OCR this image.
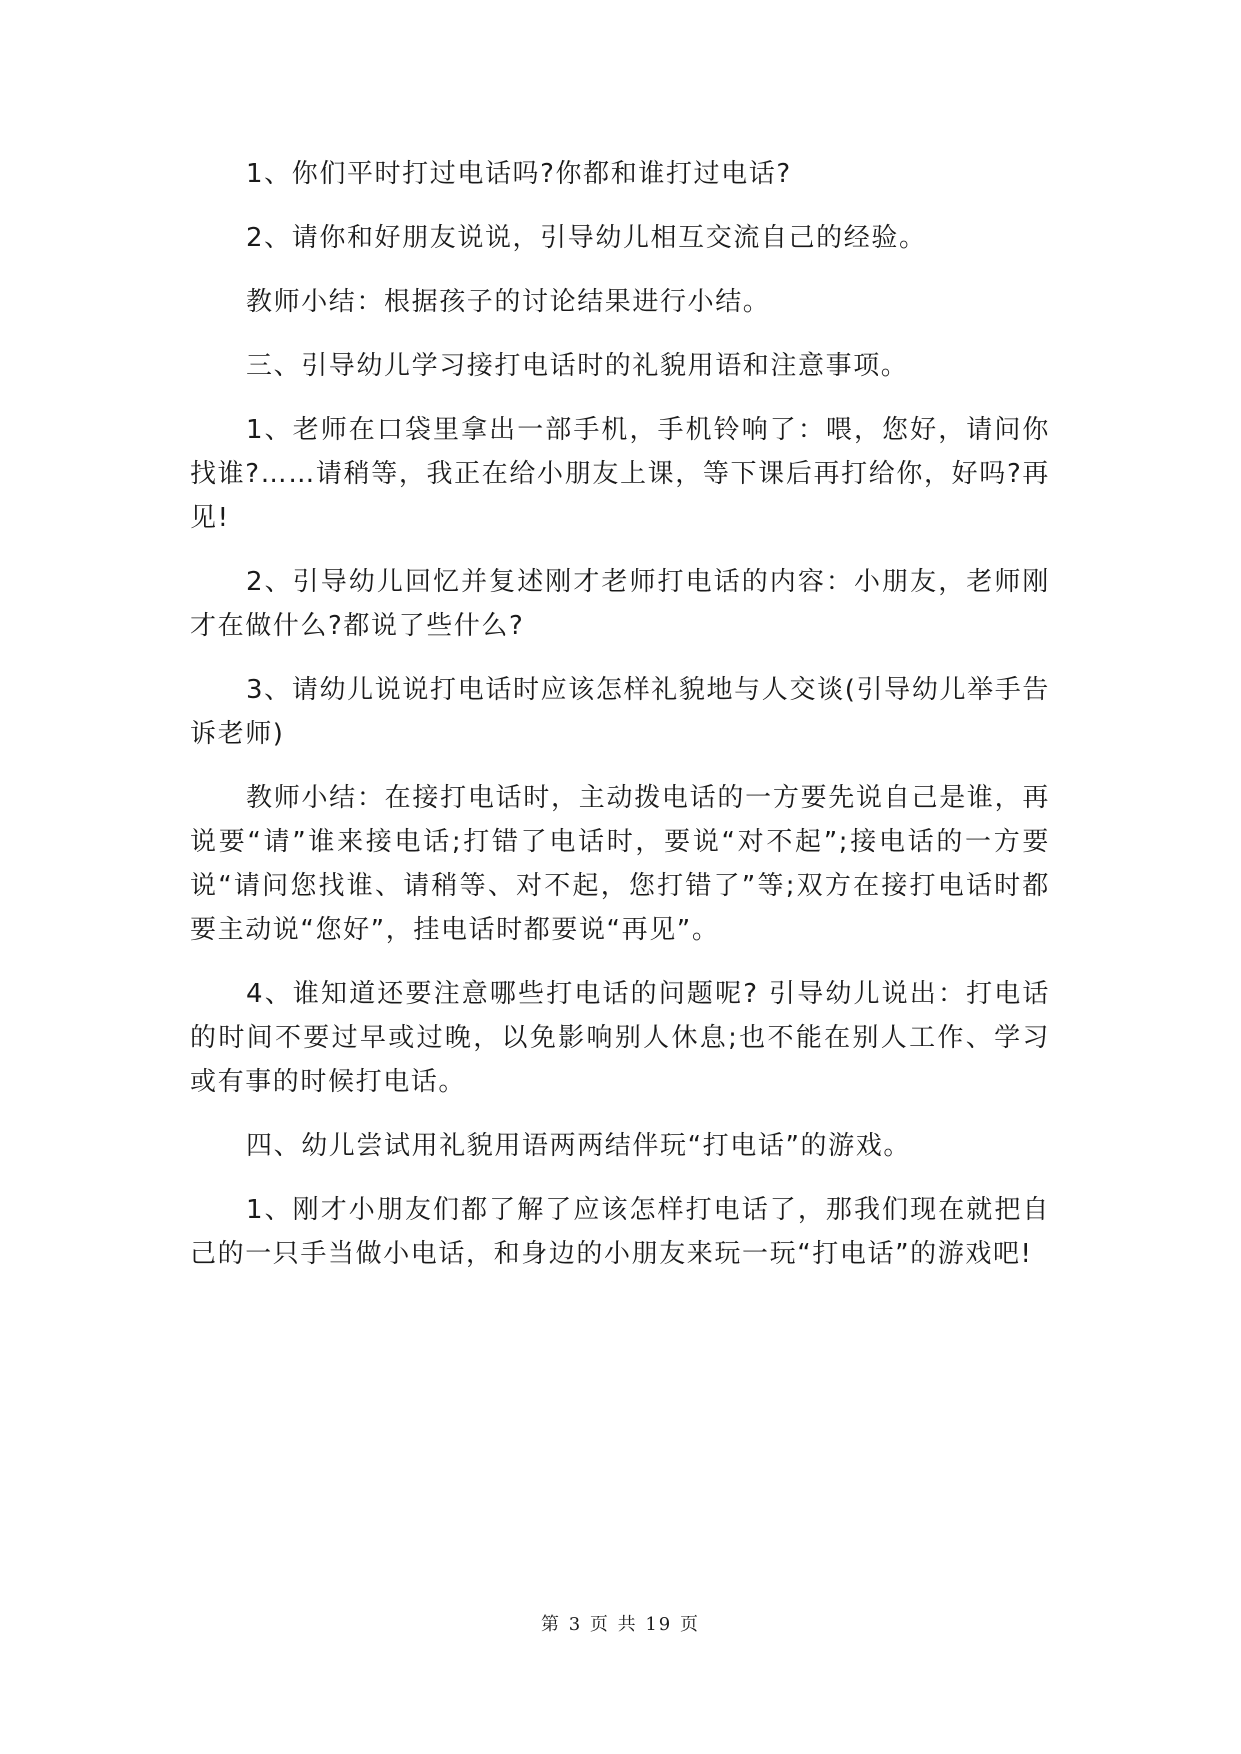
1、你们平时打过电话吗?你都和谁打过电话?

2、请你和好朋友说说，引导幼儿相互交流自己的经验。

教师小结：根据孩子的讨论结果进行小结。

三、引导幼儿学习接打电话时的礼貌用语和注意事项。

1、老师在口袋里拿出一部手机，手机铃响了：喂，您好，请问你找谁?……请稍等，我正在给小朋友上课，等下课后再打给你，好吗?再见!

2、引导幼儿回忆并复述刚才老师打电话的内容：小朋友，老师刚才在做什么?都说了些什么?

3、请幼儿说说打电话时应该怎样礼貌地与人交谈(引导幼儿举手告诉老师)

教师小结：在接打电话时，主动拨电话的一方要先说自己是谁，再说要“请”谁来接电话;打错了电话时，要说“对不起”;接电话的一方要说“请问您找谁、请稍等、对不起，您打错了”等;双方在接打电话时都要主动说“您好”，挂电话时都要说“再见”。

4、谁知道还要注意哪些打电话的问题呢? 引导幼儿说出：打电话的时间不要过早或过晚，以免影响别人休息;也不能在别人工作、学习或有事的时候打电话。

四、幼儿尝试用礼貌用语两两结伴玩“打电话”的游戏。

1、刚才小朋友们都了解了应该怎样打电话了，那我们现在就把自己的一只手当做小电话，和身边的小朋友来玩一玩“打电话”的游戏吧!

第 3 页 共 19 页
